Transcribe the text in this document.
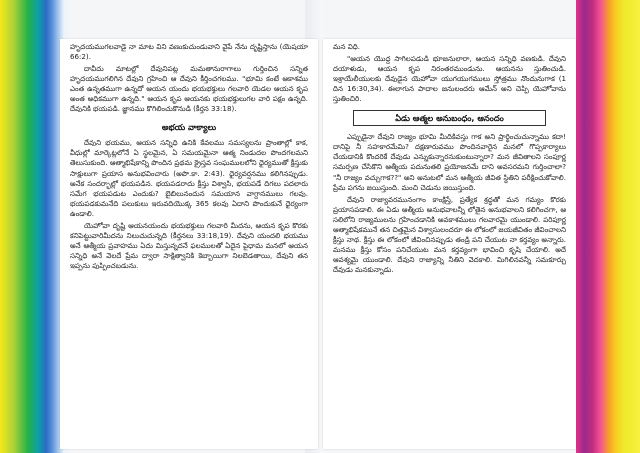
హృదయముగలవాడై నా మాట విని వణుకుచుండువాని వైపే నేను దృష్టిస్తాను (యెషయా 66:2).

దావీదు మాటల్లో దేవునిపట్ల మమతానురాగాలు గుర్తించిన సన్నిత హృదయముగలిగిన దేవుని గ్రహించి ఆ దేవుని కీర్తించగలము. "భూమి కంటే ఆకాశము ఎంత ఉన్నతముగా ఉన్నదో ఆయన యందు భయభక్తులు గలవారి యెడల ఆయన కృప అంత అధికముగా ఉన్నది." ఆయన కృప ఆయనకు భయభక్తులుగల వారి పక్షం ఉన్నది. దేవునికి భయపడి. జ్ఞానము కొగిలించుకొనుడి (కీర్తన 33:18).

అభయ వాక్యాలు

దేవుని భయము, ఆయన సన్నిధి ఉనికి కేవలము సమస్యలను ప్రాంతాల్లో కాక, వీధుల్లో మార్కెట్లలోనే ఏ స్థలమైన, ఏ సమయమైనా ఆత్మ నిండుదల పొందగలమని తెలుసుకుంది. ఆత్మాభిషేకాన్ని పొందిన ప్రథమ క్రైస్తవ సంఘములలోని ధైర్యముతో క్రీస్తుకు సాక్షులుగా ప్రయాస అనుభవించారు (అపొ.కా. 2:43). ధైర్యవర్షనము కలిగినప్పుడు. అనేక సందర్భాల్లో భయపడిన. భయపడరాదు క్రీస్తు విశ్వాసి, భయపడే దిగలు పదలారు సమేగ భయపడుట ఎందుకు? బైబిలునందున సమయాన వాగ్దానములు గలవు. భయపడకుమనేది పలుకులు ఇరువదియొక్క 365 కలవు ఏదాని పొందుకునే ధైర్యంగా ఉండాలి.

యెహోవా దృష్టి ఆయనయందు భయభక్తులు గలవారి మీదను, ఆయన కృప కొరకు కనిపెట్టువారిమీదను నిలుచుచున్నది (కీర్తనలు 33:18,19). దేవుని యందలి భయము అనే ఆత్మీయ ప్రవాహము ఏదు మిస్తున్నదనే ఫలములతో ఏదైన పైధామ మనలో ఆయన సన్నిధి అనే వెలదే ప్రేమ ద్వారా సాక్షిత్వానికి కెబ్బాయిగా నిలబెడతాయి, దేవుని తన ఇప్పను పుప్పించబడును.

మన విధి.

"ఆయన యొద్ద సాగిలపడుడి భూజనులారా, ఆయన సన్నిధి వణకుడి. దేవుని దయాళుడు, ఆయన కృప నిరంతరముండును. ఆయనను స్తుతించుడి. ఇశ్రాయేలీయులకు దేవుడైన యెహోవా యుగయుగములు స్తోత్రము నొందునుగాక (1 దిన 16:30,34). ఈలాగున పాదాల జనులందరు ఆమేన్ అని చెప్పి యెహోవాను స్తుతించిరి.

ఏడు ఆత్మల అనుబంధం, ఆనందం

ఎప్పుడైనా దేవుని రాజ్యం భూమి మీదికివస్తు గాక అని ప్రార్థించుచున్నాము కదా! దానిపై నీ సహకారమేమి? దక్షణారువము పొందినవారైన మనలో గొప్పకార్యాలు చేయడానికి కొందరికే దేవుడు ఎన్నుకున్నారనుకుంటున్నారా? మన జీవితాలని సంపూర్ణ సమర్పణ చేసికొని ఆత్మీయ పదునుతలి ప్రయోజనమే దాని అవసరమని గుర్తించాలా? "నీ రాజ్యం వచ్చుగాక??" అని అనుటలో మన ఆత్మీయ జీవిత స్థితిని పరీక్షించుకోవాలి. ప్రేమ పగను జయిస్తుంది. మంచి చెడును జయిస్తుంది.

దేవుని రాజ్యావరమునంగాం కాంక్షిస్తే, ప్రత్యేక శ్రద్ధతో మన గమ్యం కొరకు ప్రయాసపడాలి. ఈ ఏడు ఆత్మీయ అనుభవాలన్నీ లోతైన అనుభవాలని కలిగించగా, ఆ సలిలోని రాజ్యములను గ్రహించడానికి అవకాశములు గలవారమై యుండాలి. పరిపూర్ణ ఆత్మాభిషేకమునే తన చిత్తమైన విశ్వాసులందరూ ఈ లోకంలో జయజీవితం జీవించాలని క్రీస్తు నాథ. క్రీస్తు ఈ లోకంలో జీవించినప్పుడు తండ్రి పని చేయుట నా కర్తవ్యం అన్నారు. మనము క్రీస్తు కోసం పనిచేయుట మన కర్తవ్యంగా భావించి కృషి చేయాలి. అదే ఆవశ్యమై యుండాలి. దేవుని రాజ్యాన్ని నీతిని వెదకాలి. మిగిలినవన్నీ సమకూర్చు దేవుడు మనకున్నాడు.
